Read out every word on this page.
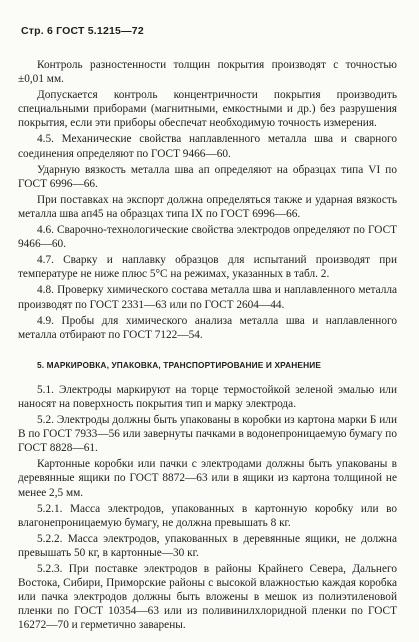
Стр. 6 ГОСТ 5.1215—72

Контроль разностенности толщин покрытия производят с точностью ±0,01 мм.

Допускается контроль концентричности покрытия производить специальными приборами (магнитными, емкостными и др.) без разрушения покрытия, если эти приборы обеспечат необходимую точность измерения.

4.5. Механические свойства наплавленного металла шва и сварного соединения определяют по ГОСТ 9466—60.

Ударную вязкость металла шва aп определяют на образцах типа VI по ГОСТ 6996—66.

При поставках на экспорт должна определяться также и ударная вязкость металла шва aп45 на образцах типа IX по ГОСТ 6996—66.

4.6. Сварочно-технологические свойства электродов определяют по ГОСТ 9466—60.

4.7. Сварку и наплавку образцов для испытаний производят при температуре не ниже плюс 5°С на режимах, указанных в табл. 2.

4.8. Проверку химического состава металла шва и наплавленного металла производят по ГОСТ 2331—63 или по ГОСТ 2604—44.

4.9. Пробы для химического анализа металла шва и наплавленного металла отбирают по ГОСТ 7122—54.

5. МАРКИРОВКА, УПАКОВКА, ТРАНСПОРТИРОВАНИЕ И ХРАНЕНИЕ

5.1. Электроды маркируют на торце термостойкой зеленой эмалью или наносят на поверхность покрытия тип и марку электрода.

5.2. Электроды должны быть упакованы в коробки из картона марки Б или В по ГОСТ 7933—56 или завернуты пачками в водонепроницаемую бумагу по ГОСТ 8828—61.

Картонные коробки или пачки с электродами должны быть упакованы в деревянные ящики по ГОСТ 8872—63 или в ящики из картона толщиной не менее 2,5 мм.

5.2.1. Масса электродов, упакованных в картонную коробку или во влагонепроницаемую бумагу, не должна превышать 8 кг.

5.2.2. Масса электродов, упакованных в деревянные ящики, не должна превышать 50 кг, в картонные—30 кг.

5.2.3. При поставке электродов в районы Крайнего Севера, Дальнего Востока, Сибири, Приморские районы с высокой влажностью каждая коробка или пачка электродов должны быть вложены в мешок из полиэтиленовой пленки по ГОСТ 10354—63 или из поливинилхлоридной пленки по ГОСТ 16272—70 и герметично заварены.
